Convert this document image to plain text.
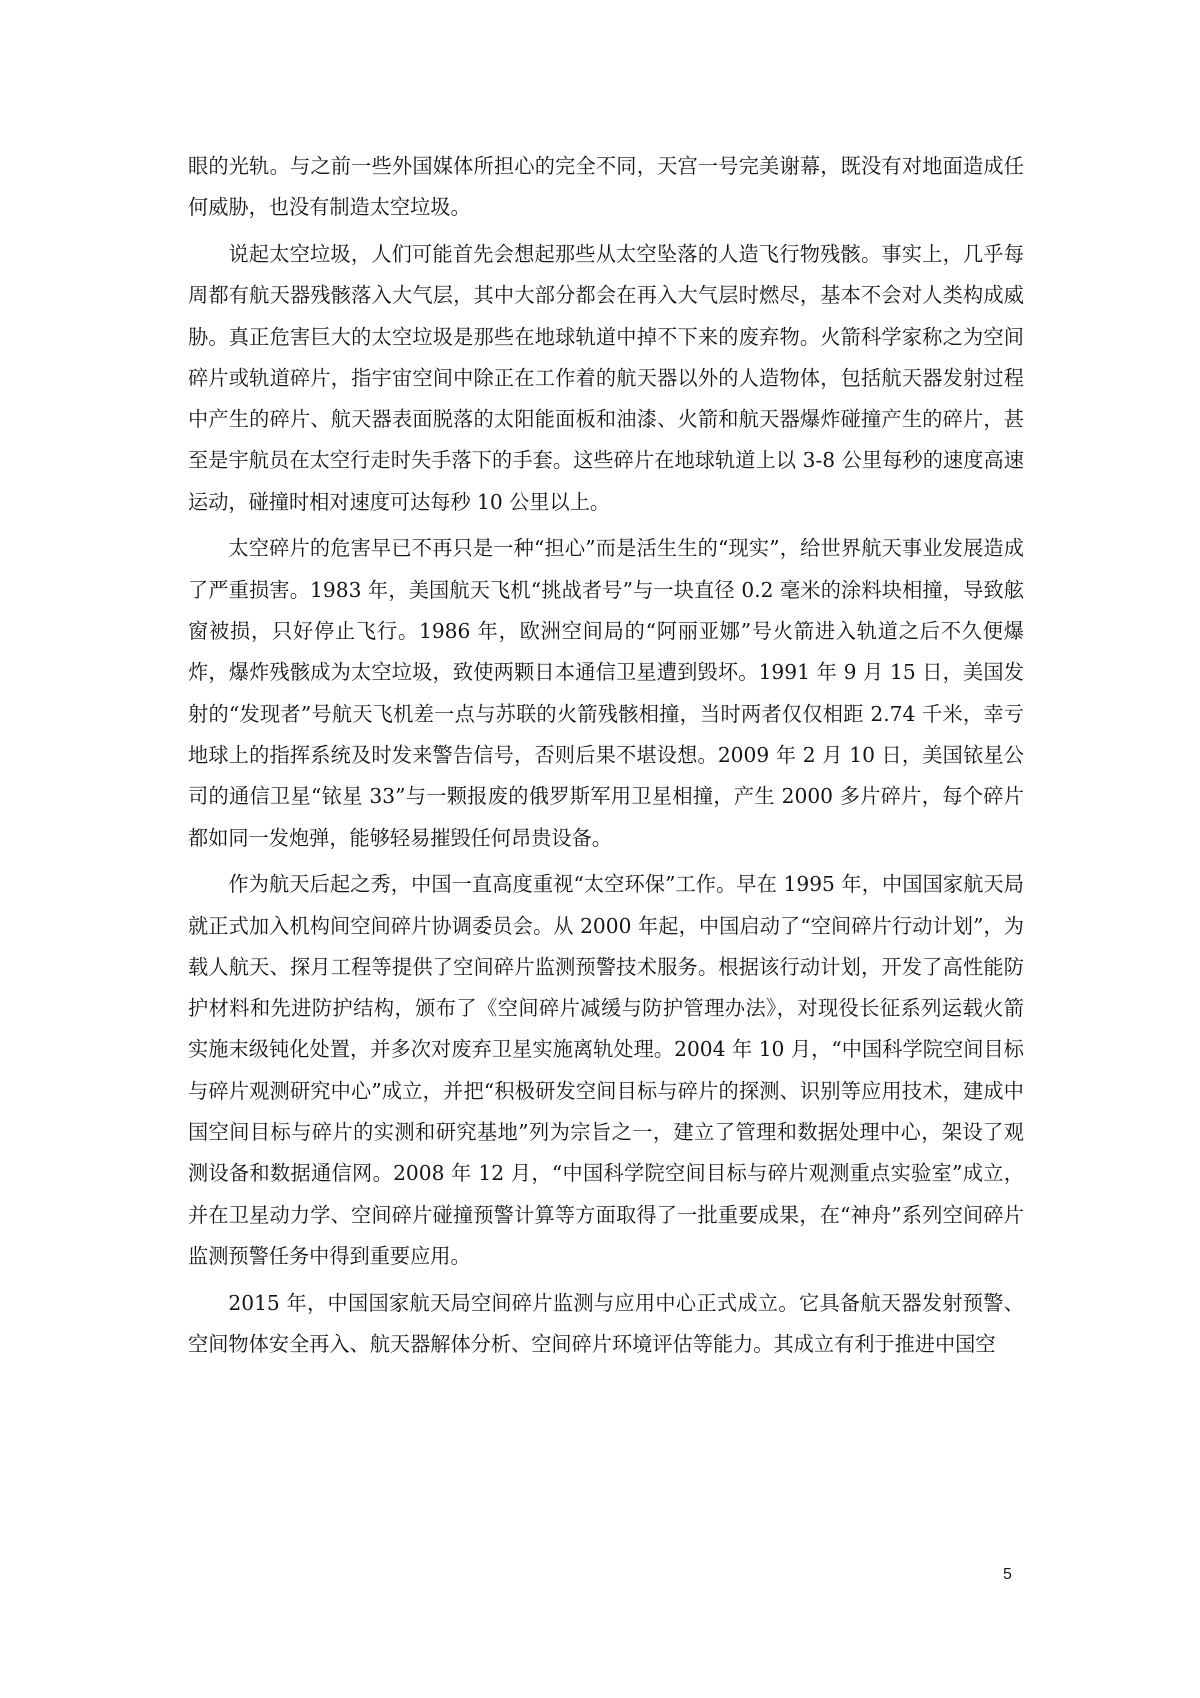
眼的光轨。与之前一些外国媒体所担心的完全不同，天宫一号完美谢幕，既没有对地面造成任何威胁，也没有制造太空垃圾。

说起太空垃圾，人们可能首先会想起那些从太空坠落的人造飞行物残骸。事实上，几乎每周都有航天器残骸落入大气层，其中大部分都会在再入大气层时燃尽，基本不会对人类构成威胁。真正危害巨大的太空垃圾是那些在地球轨道中掉不下来的废弃物。火箭科学家称之为空间碎片或轨道碎片，指宇宙空间中除正在工作着的航天器以外的人造物体，包括航天器发射过程中产生的碎片、航天器表面脱落的太阳能面板和油漆、火箭和航天器爆炸碰撞产生的碎片，甚至是宇航员在太空行走时失手落下的手套。这些碎片在地球轨道上以 3-8 公里每秒的速度高速运动，碰撞时相对速度可达每秒 10 公里以上。

太空碎片的危害早已不再只是一种“担心”而是活生生的“现实”，给世界航天事业发展造成了严重损害。1983 年，美国航天飞机“挑战者号”与一块直径 0.2 毫米的涂料块相撞，导致舷窗被损，只好停止飞行。1986 年，欧洲空间局的“阿丽亚娜”号火箭进入轨道之后不久便爆炸，爆炸残骸成为太空垃圾，致使两颗日本通信卫星遭到毁坏。1991 年 9 月 15 日，美国发射的“发现者”号航天飞机差一点与苏联的火箭残骸相撞，当时两者仅仅相距 2.74 千米，幸亏地球上的指挥系统及时发来警告信号，否则后果不堪设想。2009 年 2 月 10 日，美国铱星公司的通信卫星“铱星 33”与一颗报废的俄罗斯军用卫星相撞，产生 2000 多片碎片，每个碎片都如同一发炮弹，能够轻易摧毁任何昂贵设备。

作为航天后起之秀，中国一直高度重视“太空环保”工作。早在 1995 年，中国国家航天局就正式加入机构间空间碎片协调委员会。从 2000 年起，中国启动了“空间碎片行动计划”，为载人航天、探月工程等提供了空间碎片监测预警技术服务。根据该行动计划，开发了高性能防护材料和先进防护结构，颁布了《空间碎片减缓与防护管理办法》，对现役长征系列运载火箭实施末级钝化处置，并多次对废弃卫星实施离轨处理。2004 年 10 月，“中国科学院空间目标与碎片观测研究中心”成立，并把“积极研发空间目标与碎片的探测、识别等应用技术，建成中国空间目标与碎片的实测和研究基地”列为宗旨之一，建立了管理和数据处理中心，架设了观测设备和数据通信网。2008 年 12 月，“中国科学院空间目标与碎片观测重点实验室”成立，并在卫星动力学、空间碎片碰撞预警计算等方面取得了一批重要成果，在“神舟”系列空间碎片监测预警任务中得到重要应用。

2015 年，中国国家航天局空间碎片监测与应用中心正式成立。它具备航天器发射预警、空间物体安全再入、航天器解体分析、空间碎片环境评估等能力。其成立有利于推进中国空

5
